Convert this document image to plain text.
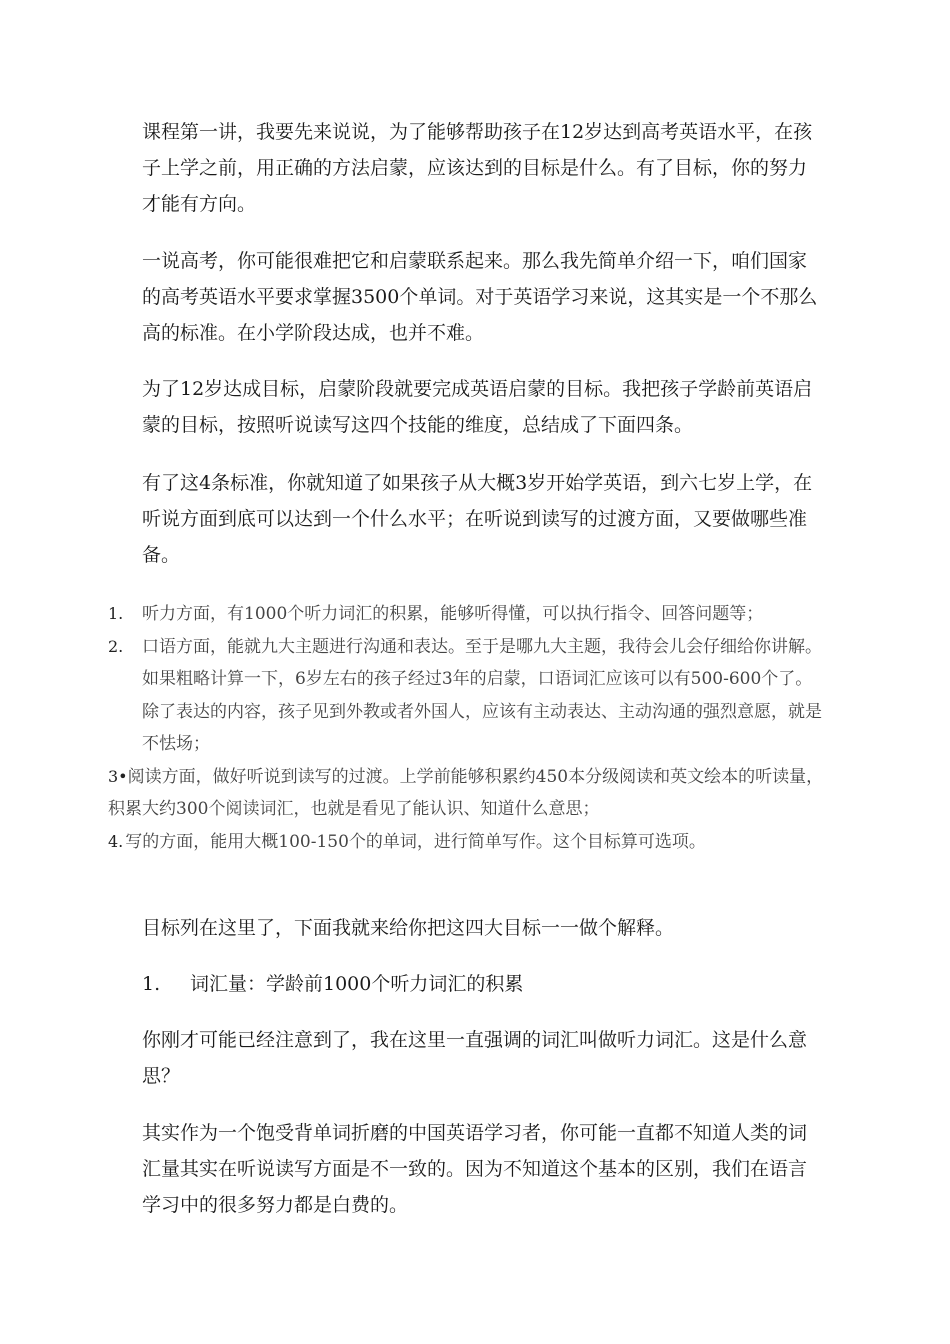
课程第一讲，我要先来说说，为了能够帮助孩子在12岁达到高考英语水平，在孩子上学之前，用正确的方法启蒙，应该达到的目标是什么。有了目标，你的努力才能有方向。

一说高考，你可能很难把它和启蒙联系起来。那么我先简单介绍一下，咱们国家的高考英语水平要求掌握3500个单词。对于英语学习来说，这其实是一个不那么高的标准。在小学阶段达成，也并不难。

为了12岁达成目标，启蒙阶段就要完成英语启蒙的目标。我把孩子学龄前英语启蒙的目标，按照听说读写这四个技能的维度，总结成了下面四条。

有了这4条标准，你就知道了如果孩子从大概3岁开始学英语，到六七岁上学，在听说方面到底可以达到一个什么水平；在听说到读写的过渡方面，又要做哪些准备。

1. 听力方面，有1000个听力词汇的积累，能够听得懂，可以执行指令、回答问题等；
2. 口语方面，能就九大主题进行沟通和表达。至于是哪九大主题，我待会儿会仔细给你讲解。如果粗略计算一下，6岁左右的孩子经过3年的启蒙，口语词汇应该可以有500-600个了。除了表达的内容，孩子见到外教或者外国人，应该有主动表达、主动沟通的强烈意愿，就是不怯场；
3•阅读方面，做好听说到读写的过渡。上学前能够积累约450本分级阅读和英文绘本的听读量，积累大约300个阅读词汇，也就是看见了能认识、知道什么意思；
4. 写的方面，能用大概100-150个的单词，进行简单写作。这个目标算可选项。

目标列在这里了，下面我就来给你把这四大目标一一做个解释。

1. 词汇量：学龄前1000个听力词汇的积累

你刚才可能已经注意到了，我在这里一直强调的词汇叫做听力词汇。这是什么意思？

其实作为一个饱受背单词折磨的中国英语学习者，你可能一直都不知道人类的词汇量其实在听说读写方面是不一致的。因为不知道这个基本的区别，我们在语言学习中的很多努力都是白费的。
